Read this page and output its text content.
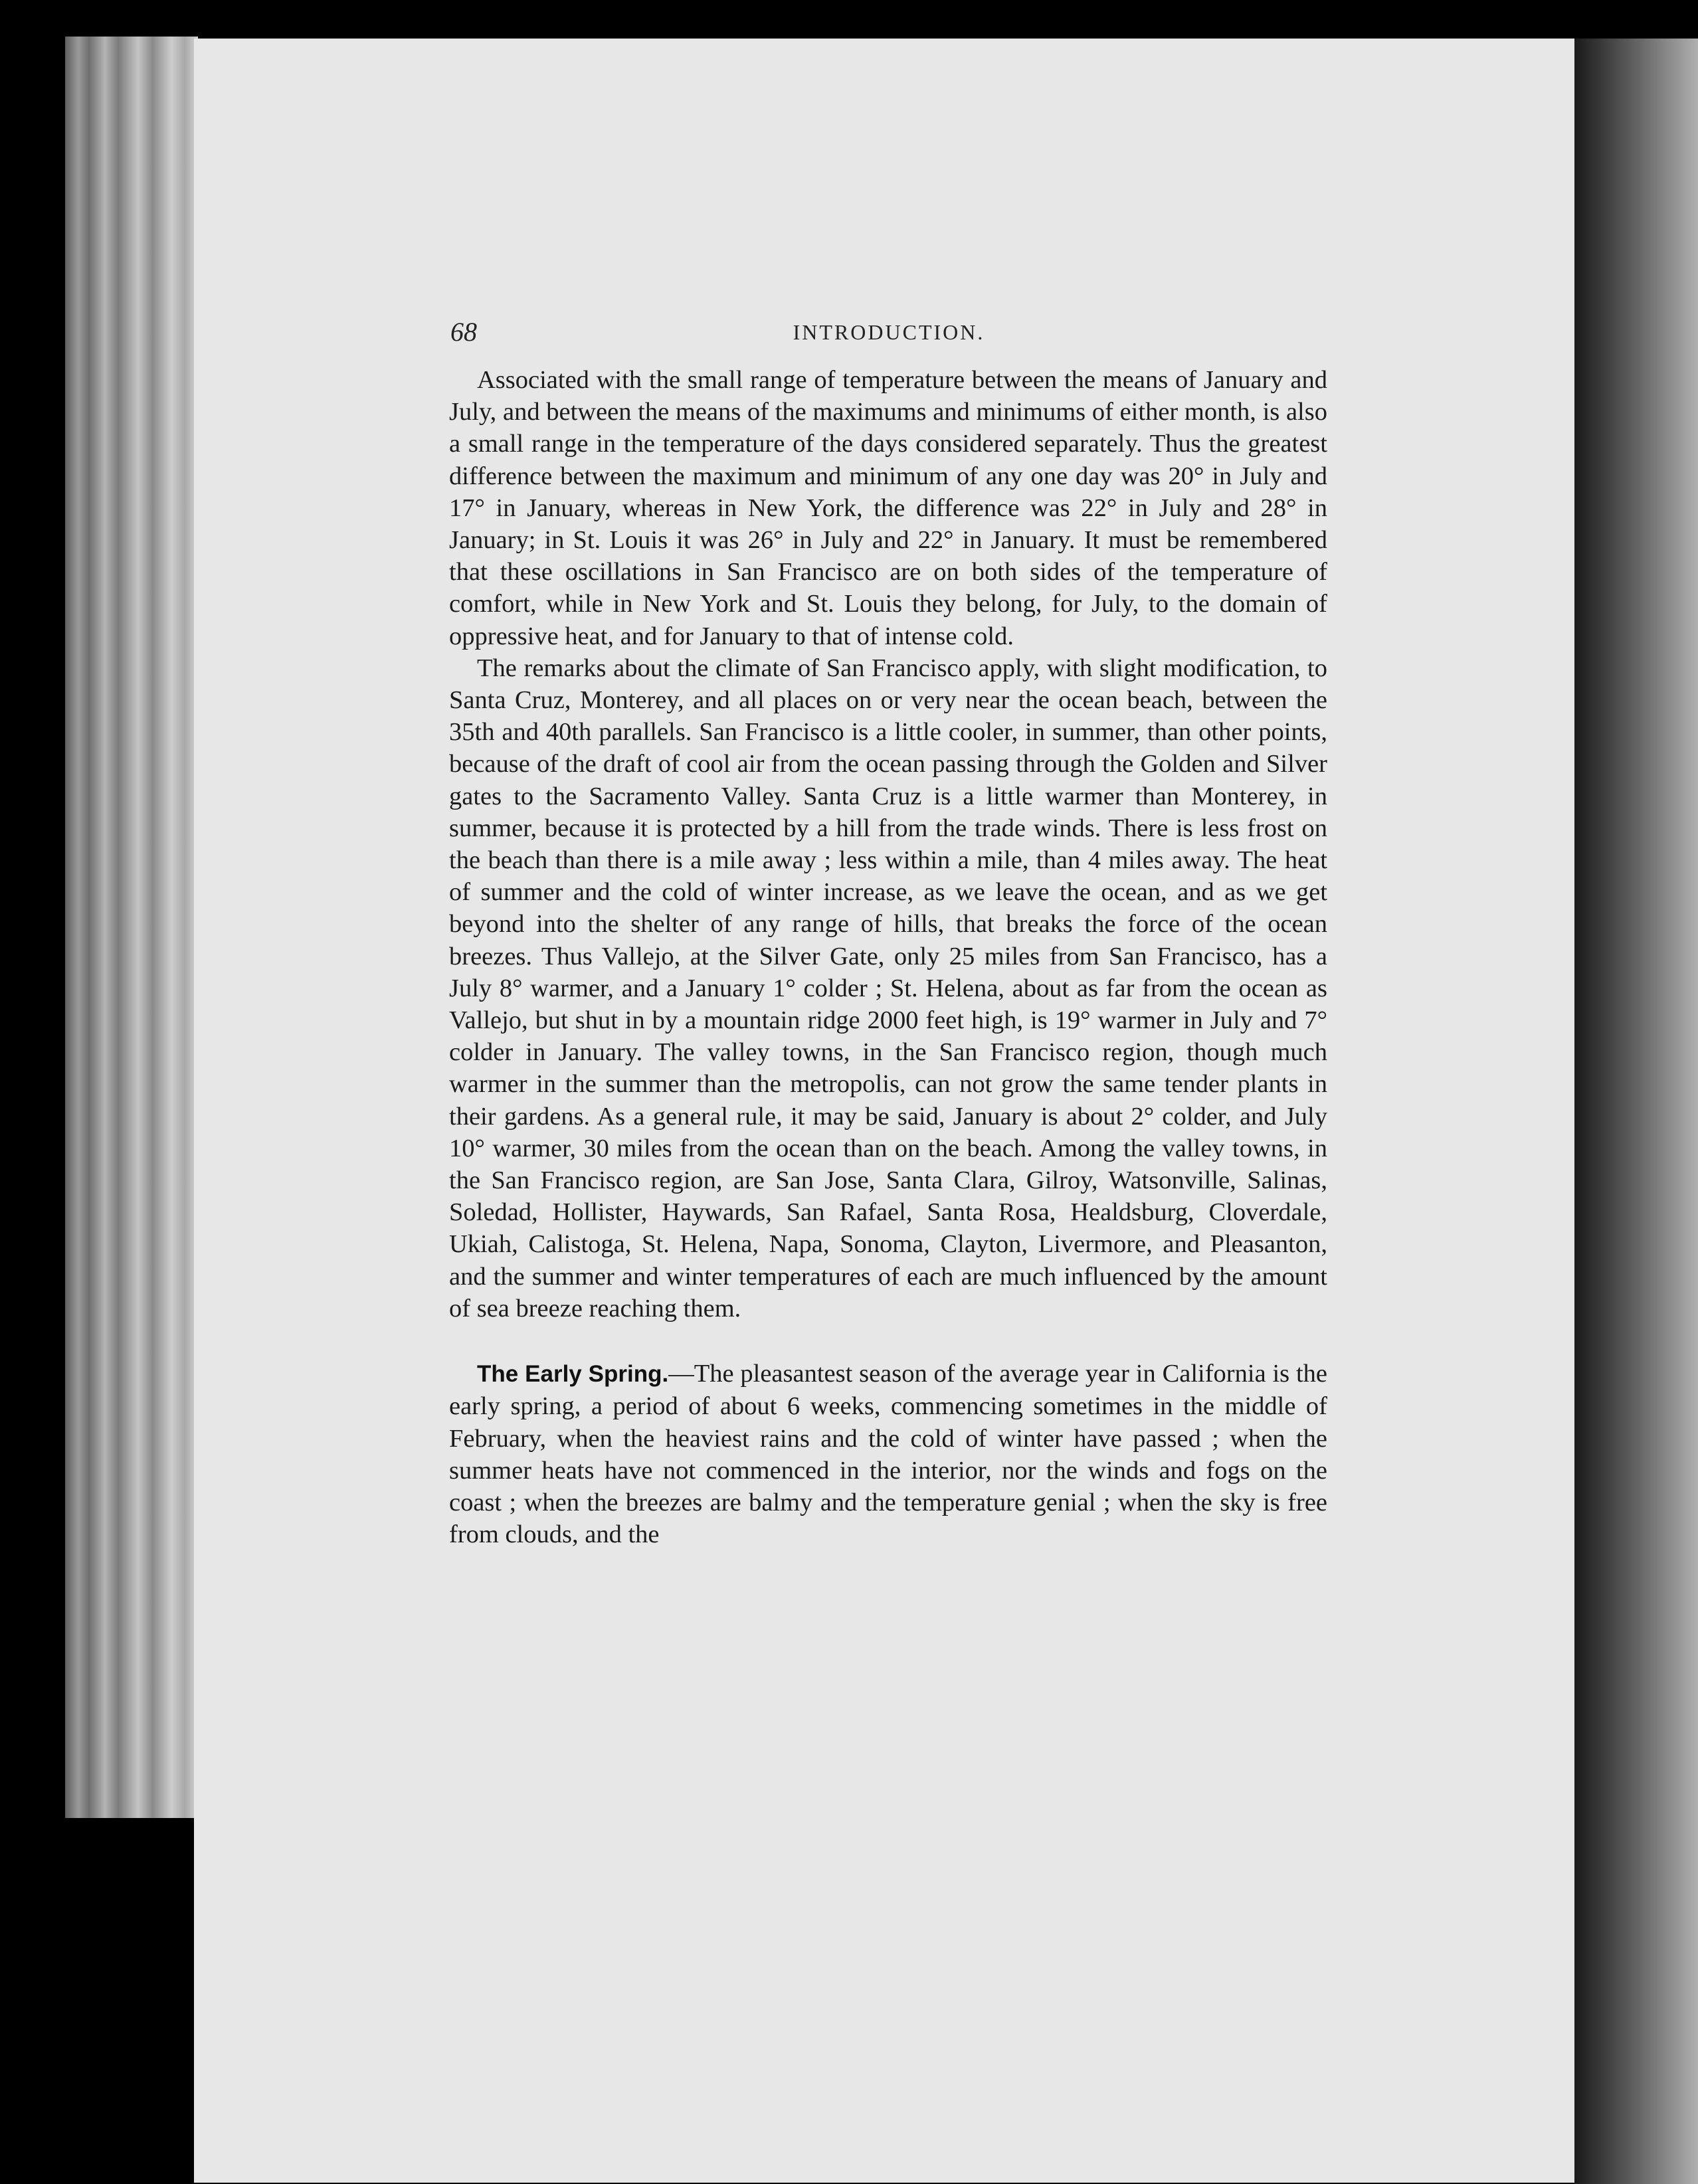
68	INTRODUCTION.

Associated with the small range of temperature between the means of January and July, and between the means of the maximums and minimums of either month, is also a small range in the temperature of the days considered separately. Thus the greatest difference between the maximum and minimum of any one day was 20° in July and 17° in January, whereas in New York, the difference was 22° in July and 28° in January; in St. Louis it was 26° in July and 22° in January. It must be remembered that these oscillations in San Francisco are on both sides of the temperature of comfort, while in New York and St. Louis they belong, for July, to the domain of oppressive heat, and for January to that of intense cold.

The remarks about the climate of San Francisco apply, with slight modification, to Santa Cruz, Monterey, and all places on or very near the ocean beach, between the 35th and 40th parallels. San Francisco is a little cooler, in summer, than other points, because of the draft of cool air from the ocean passing through the Golden and Silver gates to the Sacramento Valley. Santa Cruz is a little warmer than Monterey, in summer, because it is protected by a hill from the trade winds. There is less frost on the beach than there is a mile away ; less within a mile, than 4 miles away. The heat of summer and the cold of winter increase, as we leave the ocean, and as we get beyond into the shelter of any range of hills, that breaks the force of the ocean breezes. Thus Vallejo, at the Silver Gate, only 25 miles from San Francisco, has a July 8° warmer, and a January 1° colder ; St. Helena, about as far from the ocean as Vallejo, but shut in by a mountain ridge 2000 feet high, is 19° warmer in July and 7° colder in January. The valley towns, in the San Francisco region, though much warmer in the summer than the metropolis, can not grow the same tender plants in their gardens. As a general rule, it may be said, January is about 2° colder, and July 10° warmer, 30 miles from the ocean than on the beach. Among the valley towns, in the San Francisco region, are San Jose, Santa Clara, Gilroy, Watsonville, Salinas, Soledad, Hollister, Haywards, San Rafael, Santa Rosa, Healdsburg, Cloverdale, Ukiah, Calistoga, St. Helena, Napa, Sonoma, Clayton, Livermore, and Pleasanton, and the summer and winter temperatures of each are much influenced by the amount of sea breeze reaching them.

The Early Spring.—The pleasantest season of the average year in California is the early spring, a period of about 6 weeks, commencing sometimes in the middle of February, when the heaviest rains and the cold of winter have passed ; when the summer heats have not commenced in the interior, nor the winds and fogs on the coast ; when the breezes are balmy and the temperature genial ; when the sky is free from clouds, and the
